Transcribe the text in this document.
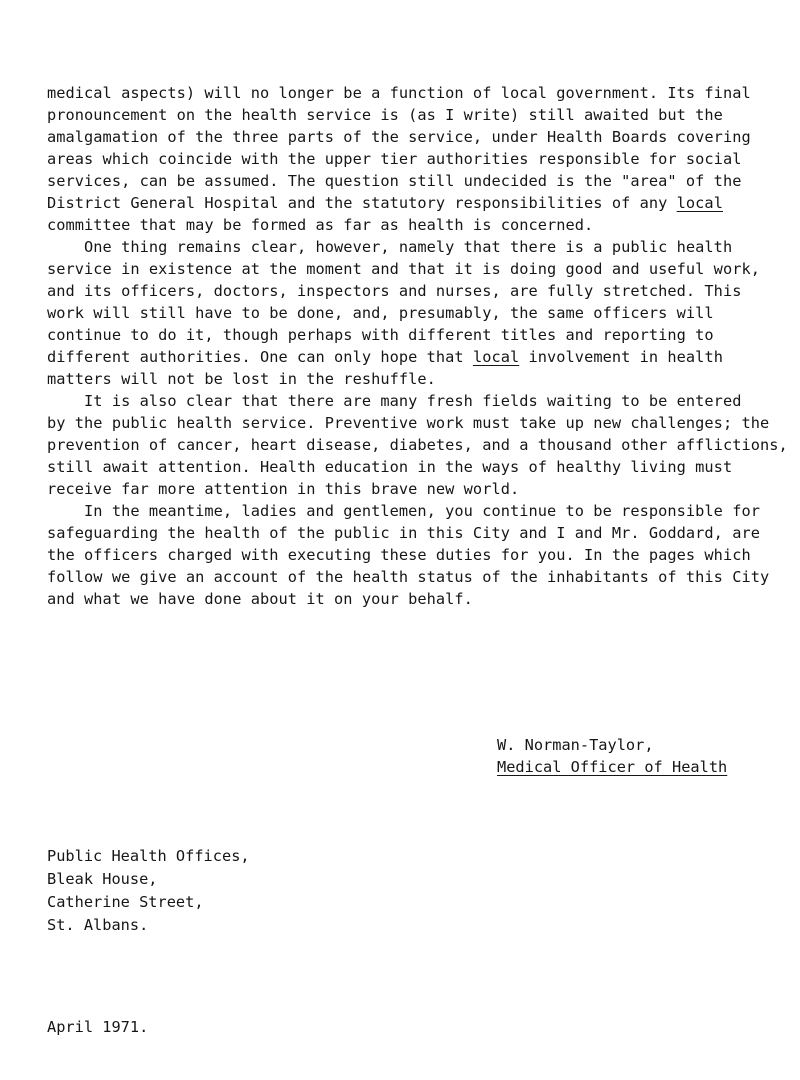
medical aspects) will no longer be a function of local government. Its final
pronouncement on the health service is (as I write) still awaited but the
amalgamation of the three parts of the service, under Health Boards covering
areas which coincide with the upper tier authorities responsible for social
services, can be assumed. The question still undecided is the "area" of the
District General Hospital and the statutory responsibilities of any local
committee that may be formed as far as health is concerned.
One thing remains clear, however, namely that there is a public health
service in existence at the moment and that it is doing good and useful work,
and its officers, doctors, inspectors and nurses, are fully stretched. This
work will still have to be done, and, presumably, the same officers will
continue to do it, though perhaps with different titles and reporting to
different authorities. One can only hope that local involvement in health
matters will not be lost in the reshuffle.
It is also clear that there are many fresh fields waiting to be entered
by the public health service. Preventive work must take up new challenges; the
prevention of cancer, heart disease, diabetes, and a thousand other afflictions,
still await attention. Health education in the ways of healthy living must
receive far more attention in this brave new world.
In the meantime, ladies and gentlemen, you continue to be responsible for
safeguarding the health of the public in this City and I and Mr. Goddard, are
the officers charged with executing these duties for you. In the pages which
follow we give an account of the health status of the inhabitants of this City
and what we have done about it on your behalf.
W. Norman-Taylor,
Medical Officer of Health
Public Health Offices,
Bleak House,
Catherine Street,
St. Albans.
April 1971.
